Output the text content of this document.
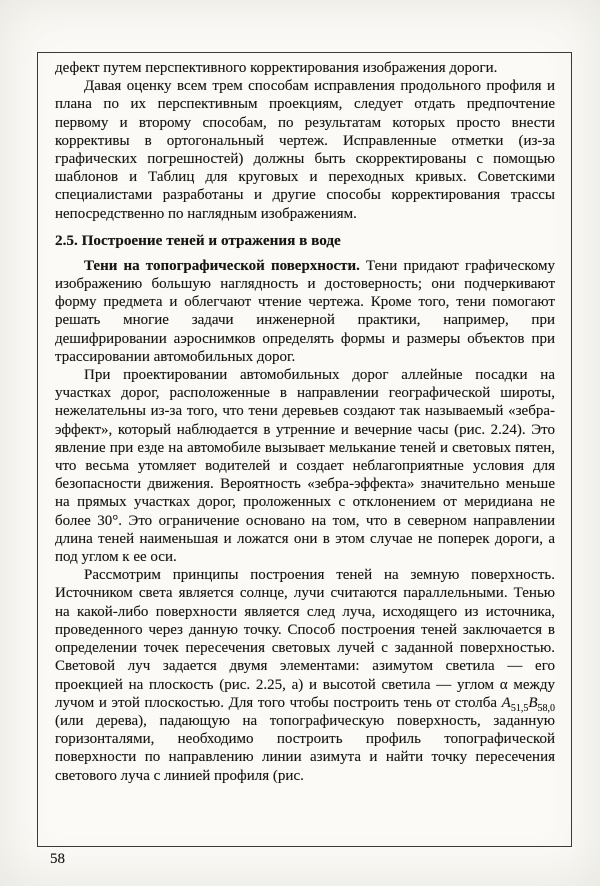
дефект путем перспективного корректирования изображения дороги.

Давая оценку всем трем способам исправления продольного профиля и плана по их перспективным проекциям, следует отдать предпочтение первому и второму способам, по результатам которых просто внести коррективы в ортогональный чертеж. Исправленные отметки (из-за графических погрешностей) должны быть скорректированы с помощью шаблонов и Таблиц для круговых и переходных кривых. Советскими специалистами разработаны и другие способы корректирования трассы непосредственно по наглядным изображениям.

2.5. Построение теней и отражения в воде

Тени на топографической поверхности. Тени придают графическому изображению большую наглядность и достоверность; они подчеркивают форму предмета и облегчают чтение чертежа. Кроме того, тени помогают решать многие задачи инженерной практики, например, при дешифрировании аэроснимков определять формы и размеры объектов при трассировании автомобильных дорог.

При проектировании автомобильных дорог аллейные посадки на участках дорог, расположенные в направлении географической широты, нежелательны из-за того, что тени деревьев создают так называемый «зебра-эффект», который наблюдается в утренние и вечерние часы (рис. 2.24). Это явление при езде на автомобиле вызывает мелькание теней и световых пятен, что весьма утомляет водителей и создает неблагоприятные условия для безопасности движения. Вероятность «зебра-эффекта» значительно меньше на прямых участках дорог, проложенных с отклонением от меридиана не более 30°. Это ограничение основано на том, что в северном направлении длина теней наименьшая и ложатся они в этом случае не поперек дороги, а под углом к ее оси.

Рассмотрим принципы построения теней на земную поверхность. Источником света является солнце, лучи считаются параллельными. Тенью на какой-либо поверхности является след луча, исходящего из источника, проведенного через данную точку. Способ построения теней заключается в определении точек пересечения световых лучей с заданной поверхностью. Световой луч задается двумя элементами: азимутом светила — его проекцией на плоскость (рис. 2.25, а) и высотой светила — углом α между лучом и этой плоскостью. Для того чтобы построить тень от столба $A_{51,5}B_{58,0}$ (или дерева), падающую на топографическую поверхность, заданную горизонталями, необходимо построить профиль топографической поверхности по направлению линии азимута и найти точку пересечения светового луча с линией профиля (рис.

58
